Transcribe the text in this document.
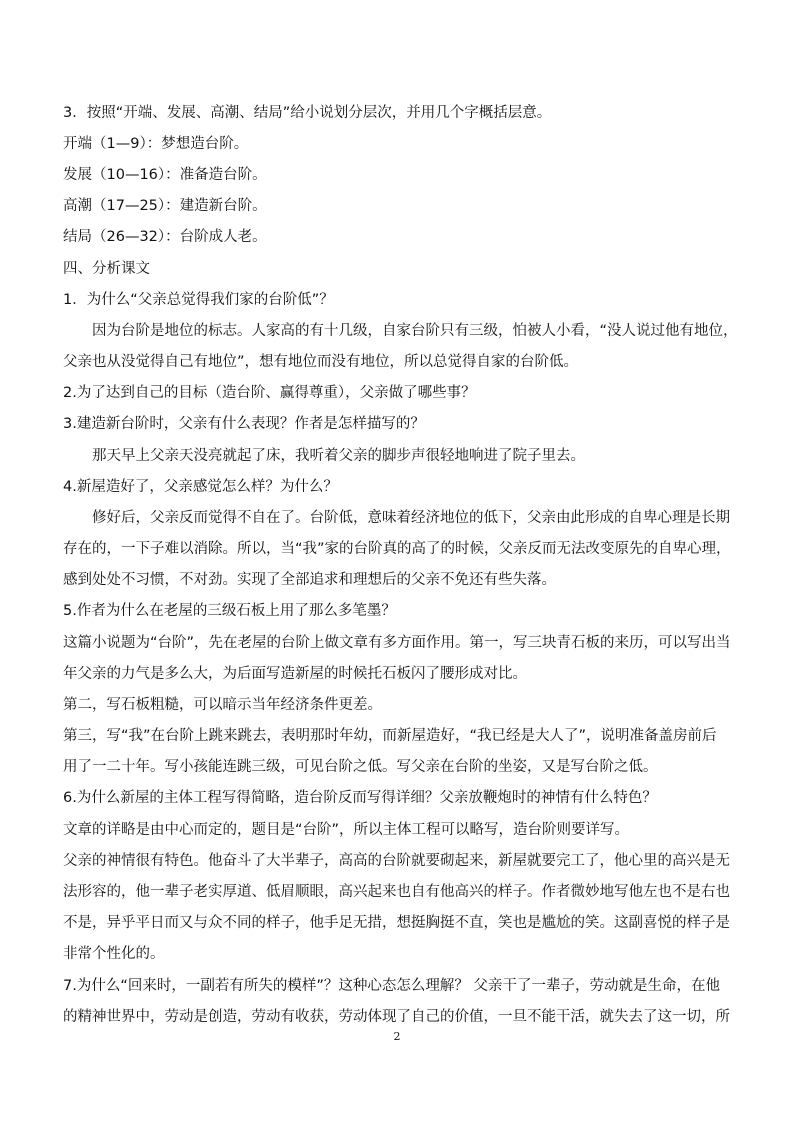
3．按照“开端、发展、高潮、结局”给小说划分层次，并用几个字概括层意。
开端（1—9）：梦想造台阶。
发展（10—16）：准备造台阶。
高潮（17—25）：建造新台阶。
结局（26—32）：台阶成人老。
四、分析课文
1．为什么“父亲总觉得我们家的台阶低”？
因为台阶是地位的标志。人家高的有十几级，自家台阶只有三级，怕被人小看，“没人说过他有地位，
父亲也从没觉得自己有地位”，想有地位而没有地位，所以总觉得自家的台阶低。
2.为了达到自己的目标（造台阶、赢得尊重），父亲做了哪些事？
3.建造新台阶时，父亲有什么表现？作者是怎样描写的？
那天早上父亲天没亮就起了床，我听着父亲的脚步声很轻地响进了院子里去。
4.新屋造好了，父亲感觉怎么样？为什么？
修好后，父亲反而觉得不自在了。台阶低，意味着经济地位的低下，父亲由此形成的自卑心理是长期
存在的，一下子难以消除。所以，当“我”家的台阶真的高了的时候，父亲反而无法改变原先的自卑心理，
感到处处不习惯，不对劲。实现了全部追求和理想后的父亲不免还有些失落。
5.作者为什么在老屋的三级石板上用了那么多笔墨？
这篇小说题为“台阶”，先在老屋的台阶上做文章有多方面作用。第一，写三块青石板的来历，可以写出当
年父亲的力气是多么大，为后面写造新屋的时候托石板闪了腰形成对比。
第二，写石板粗糙，可以暗示当年经济条件更差。
第三，写“我”在台阶上跳来跳去，表明那时年幼，而新屋造好，“我已经是大人了”，说明准备盖房前后
用了一二十年。写小孩能连跳三级，可见台阶之低。写父亲在台阶的坐姿，又是写台阶之低。
6.为什么新屋的主体工程写得简略，造台阶反而写得详细？父亲放鞭炮时的神情有什么特色？
文章的详略是由中心而定的，题目是“台阶”，所以主体工程可以略写，造台阶则要详写。
父亲的神情很有特色。他奋斗了大半辈子，高高的台阶就要砌起来，新屋就要完工了，他心里的高兴是无
法形容的，他一辈子老实厚道、低眉顺眼，高兴起来也自有他高兴的样子。作者微妙地写他左也不是右也
不是，异乎平日而又与众不同的样子，他手足无措，想挺胸挺不直，笑也是尴尬的笑。这副喜悦的样子是
非常个性化的。
7.为什么“回来时，一副若有所失的模样”？这种心态怎么理解？ 父亲干了一辈子，劳动就是生命，在他
的精神世界中，劳动是创造，劳动有收获，劳动体现了自己的价值，一旦不能干活，就失去了这一切，所
2
